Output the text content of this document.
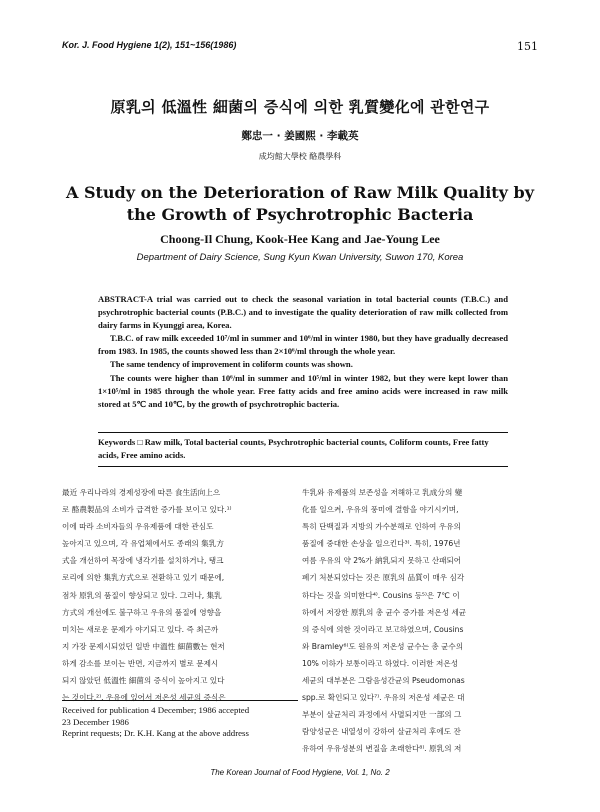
Kor. J. Food Hygiene 1(2), 151~156(1986)	151
原乳의 低溫性 細菌의 증식에 의한 乳質變化에 관한연구
鄭忠一 · 姜國熙 · 李載英
成均館大學校 酪農學科
A Study on the Deterioration of Raw Milk Quality by
the Growth of Psychrotrophic Bacteria
Choong-Il Chung, Kook-Hee Kang and Jae-Young Lee
Department of Dairy Science, Sung Kyun Kwan University, Suwon 170, Korea

ABSTRACT-A trial was carried out to check the seasonal variation in total bacterial counts (T.B.C.) and psychrotrophic bacterial counts (P.B.C.) and to investigate the quality deterioration of raw milk collected from dairy farms in Kyunggi area, Korea.

T.B.C. of raw milk exceeded 10⁷/ml in summer and 10⁶/ml in winter 1980, but they have gradually decreased from 1983. In 1985, the counts showed less than 2×10⁶/ml through the whole year.

The same tendency of improvement in coliform counts was shown.

The counts were higher than 10⁶/ml in summer and 10⁵/ml in winter 1982, but they were kept lower than 1×10⁵/ml in 1985 through the whole year. Free fatty acids and free amino acids were increased in raw milk stored at 5℃ and 10℃, by the growth of psychrotrophic bacteria.

Keywords □ Raw milk, Total bacterial counts, Psychrotrophic bacterial counts, Coliform counts, Free fatty acids, Free amino acids.
最近 우리나라의 경제성장에 따른 食生活向上으
로 酪農製品의 소비가 급격한 증가를 보이고 있다.¹⁾
이에 따라 소비자들의 우유제품에 대한 관심도
높아지고 있으며, 각 유업체에서도 종래의 集乳方
式을 개선하여 목장에 냉각기를 설치하거나, 탱크
로리에 의한 集乳方式으로 전환하고 있기 때문에,
점차 原乳의 품질이 향상되고 있다. 그러나, 集乳
方式의 개선에도 불구하고 우유의 품질에 영향을
미치는 새로운 문제가 야기되고 있다. 즉 최근까
지 가장 문제시되었던 일반 中溫性 細菌數는 현저
하게 감소를 보이는 반면, 지금까지 별로 문제시
되지 않았던 低溫性 細菌의 증식이 높아지고 있다
는 것이다.²⁾. 우유에 있어서 저온성 세균의 증식은
Received for publication 4 December; 1986 accepted
23 December 1986
Reprint requests; Dr. K.H. Kang at the above address
牛乳와 유제품의 보존성을 저해하고 乳成分의 變
化를 일으켜, 우유의 풍미에 결함을 야기시키며,
특히 단백질과 지방의 가수분해로 인하여 우유의
품질에 중대한 손상을 일으킨다³⁾. 특히, 1976년
여름 우유의 약 2%가 納乳되지 못하고 산패되어
폐기 처분되었다는 것은 原乳의 品質이 매우 심각
하다는 것을 의미한다⁴⁾. Cousins 등⁵⁾은 7℃ 이
하에서 저장한 原乳의 총 균수 증가를 저온성 세균
의 증식에 의한 것이라고 보고하였으며, Cousins
와 Bramley⁶⁾도 원유의 저온성 균수는 총 균수의
10% 이하가 보통이라고 하였다. 이러한 저온성
세균의 대부분은 그람음성간균의 Pseudomonas
spp.로 확인되고 있다⁷⁾. 우유의 저온성 세균은 대
부분이 살균처리 과정에서 사멸되지만 一部의 그
람양성균은 내열성이 강하여 살균처리 후에도 잔
유하여 우유성분의 변질을 초래한다⁸⁾. 原乳의 저
The Korean Journal of Food Hygiene, Vol. 1, No. 2
